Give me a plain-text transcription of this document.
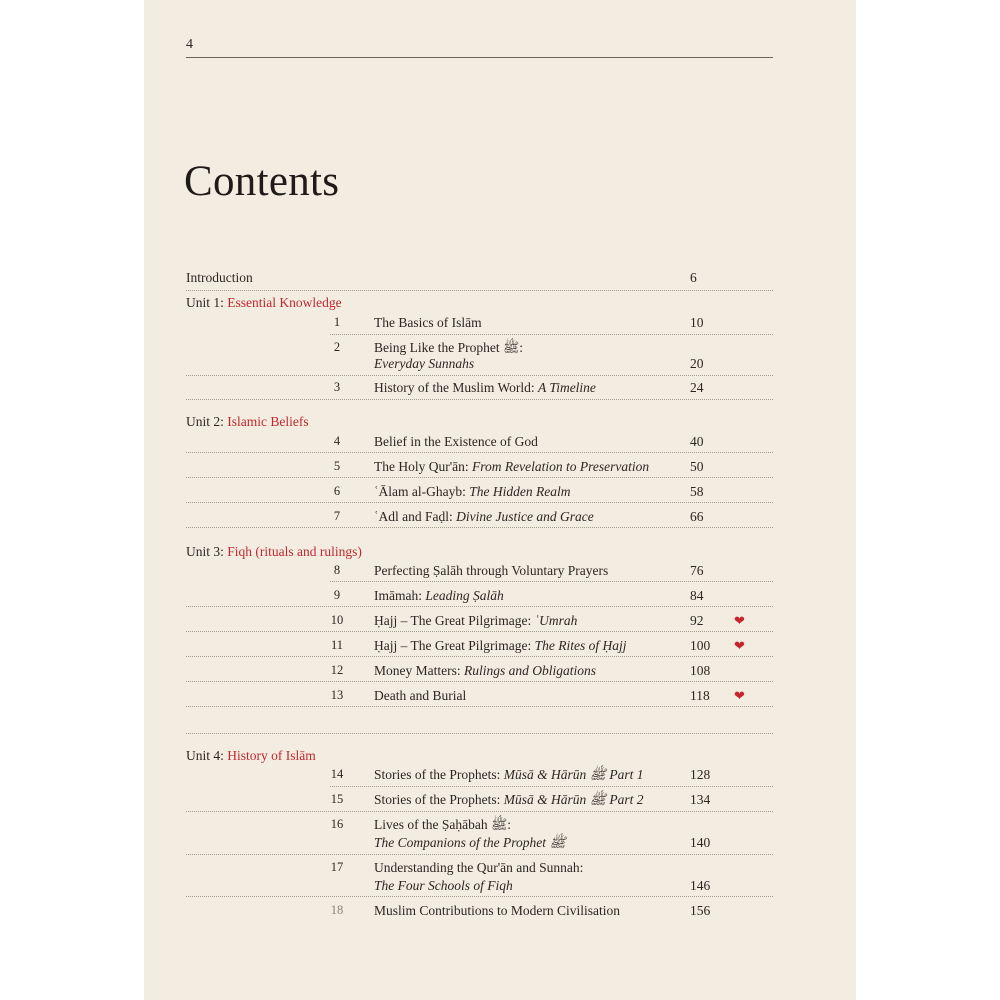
4
Contents
Introduction	6
Unit 1: Essential Knowledge
1	The Basics of Islām	10
2	Being Like the Prophet ﷺ:
Everyday Sunnahs	20
3	History of the Muslim World: A Timeline	24
Unit 2: Islamic Beliefs
4	Belief in the Existence of God	40
5	The Holy Qur'ān: From Revelation to Preservation	50
6	ʿĀlam al-Ghayb: The Hidden Realm	58
7	ʿAdl and Faḍl: Divine Justice and Grace	66
Unit 3: Fiqh (rituals and rulings)
8	Perfecting Ṣalāh through Voluntary Prayers	76
9	Imāmah: Leading Ṣalāh	84
10 Ḥajj – The Great Pilgrimage: ʿUmrah	92 ❤
11 Ḥajj – The Great Pilgrimage: The Rites of Ḥajj	100 ❤
12 Money Matters: Rulings and Obligations	108
13 Death and Burial	118 ❤
Unit 4: History of Islām
14 Stories of the Prophets: Mūsā & Hārūn ﷺ Part 1	128
15 Stories of the Prophets: Mūsā & Hārūn ﷺ Part 2	134
16 Lives of the Ṣaḥābah ﷺ:
The Companions of the Prophet ﷺ	140
17 Understanding the Qur'ān and Sunnah:
The Four Schools of Fiqh	146
18 Muslim Contributions to Modern Civilisation	156
